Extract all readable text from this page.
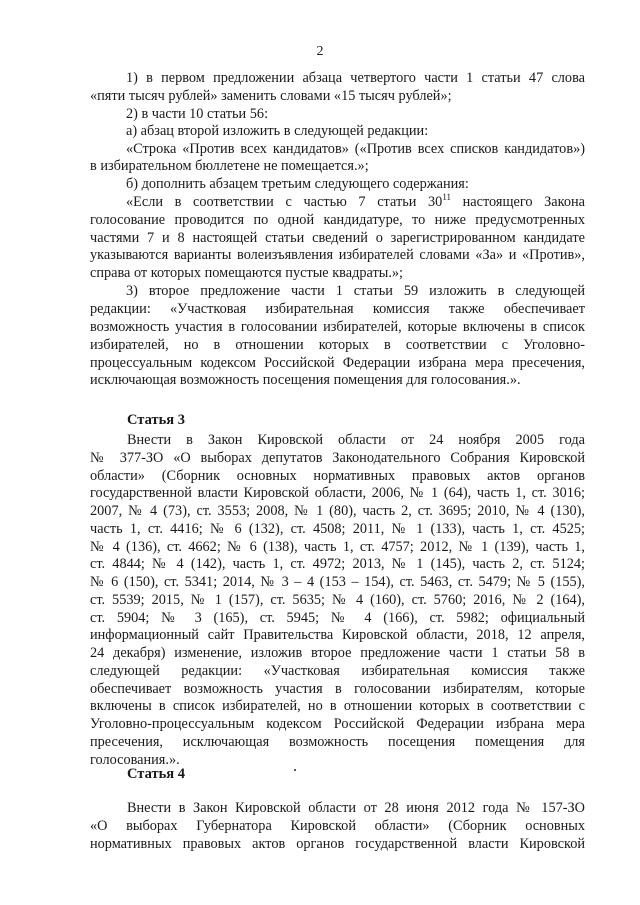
2
1) в первом предложении абзаца четвертого части 1 статьи 47 слова
«пяти тысяч рублей» заменить словами «15 тысяч рублей»;
2) в части 10 статьи 56:
а) абзац второй изложить в следующей редакции:
«Строка «Против всех кандидатов» («Против всех списков кандидатов»)
в избирательном бюллетене не помещается.»;
б) дополнить абзацем третьим следующего содержания:
«Если в соответствии с частью 7 статьи $30^{11}$ настоящего Закона
голосование проводится по одной кандидатуре, то ниже предусмотренных
частями 7 и 8 настоящей статьи сведений о зарегистрированном кандидате
указываются варианты волеизъявления избирателей словами «За» и «Против»,
справа от которых помещаются пустые квадраты.»;
3) второе предложение части 1 статьи 59 изложить в следующей
редакции: «Участковая избирательная комиссия также обеспечивает
возможность участия в голосовании избирателей, которые включены в список
избирателей, но в отношении которых в соответствии с Уголовно-
процессуальным кодексом Российской Федерации избрана мера пресечения,
исключающая возможность посещения помещения для голосования.».
Статья 3
Внести в Закон Кировской области от 24 ноября 2005 года
№ 377-ЗО «О выборах депутатов Законодательного Собрания Кировской
области» (Сборник основных нормативных правовых актов органов
государственной власти Кировской области, 2006, № 1 (64), часть 1, ст. 3016;
2007, № 4 (73), ст. 3553; 2008, № 1 (80), часть 2, ст. 3695; 2010, № 4 (130),
часть 1, ст. 4416; № 6 (132), ст. 4508; 2011, № 1 (133), часть 1, ст. 4525;
№ 4 (136), ст. 4662; № 6 (138), часть 1, ст. 4757; 2012, № 1 (139), часть 1,
ст. 4844; № 4 (142), часть 1, ст. 4972; 2013, № 1 (145), часть 2, ст. 5124;
№ 6 (150), ст. 5341; 2014, № 3 – 4 (153 – 154), ст. 5463, ст. 5479; № 5 (155),
ст. 5539; 2015, № 1 (157), ст. 5635; № 4 (160), ст. 5760; 2016, № 2 (164),
ст. 5904; № 3 (165), ст. 5945; № 4 (166), ст. 5982; официальный
информационный сайт Правительства Кировской области, 2018, 12 апреля,
24 декабря) изменение, изложив второе предложение части 1 статьи 58 в
следующей редакции: «Участковая избирательная комиссия также
обеспечивает возможность участия в голосовании избирателям, которые
включены в список избирателей, но в отношении которых в соответствии с
Уголовно-процессуальным кодексом Российской Федерации избрана мера
пресечения, исключающая возможность посещения помещения для
голосования.».
Статья 4
Внести в Закон Кировской области от 28 июня 2012 года № 157-ЗО
«О выборах Губернатора Кировской области» (Сборник основных
нормативных правовых актов органов государственной власти Кировской
